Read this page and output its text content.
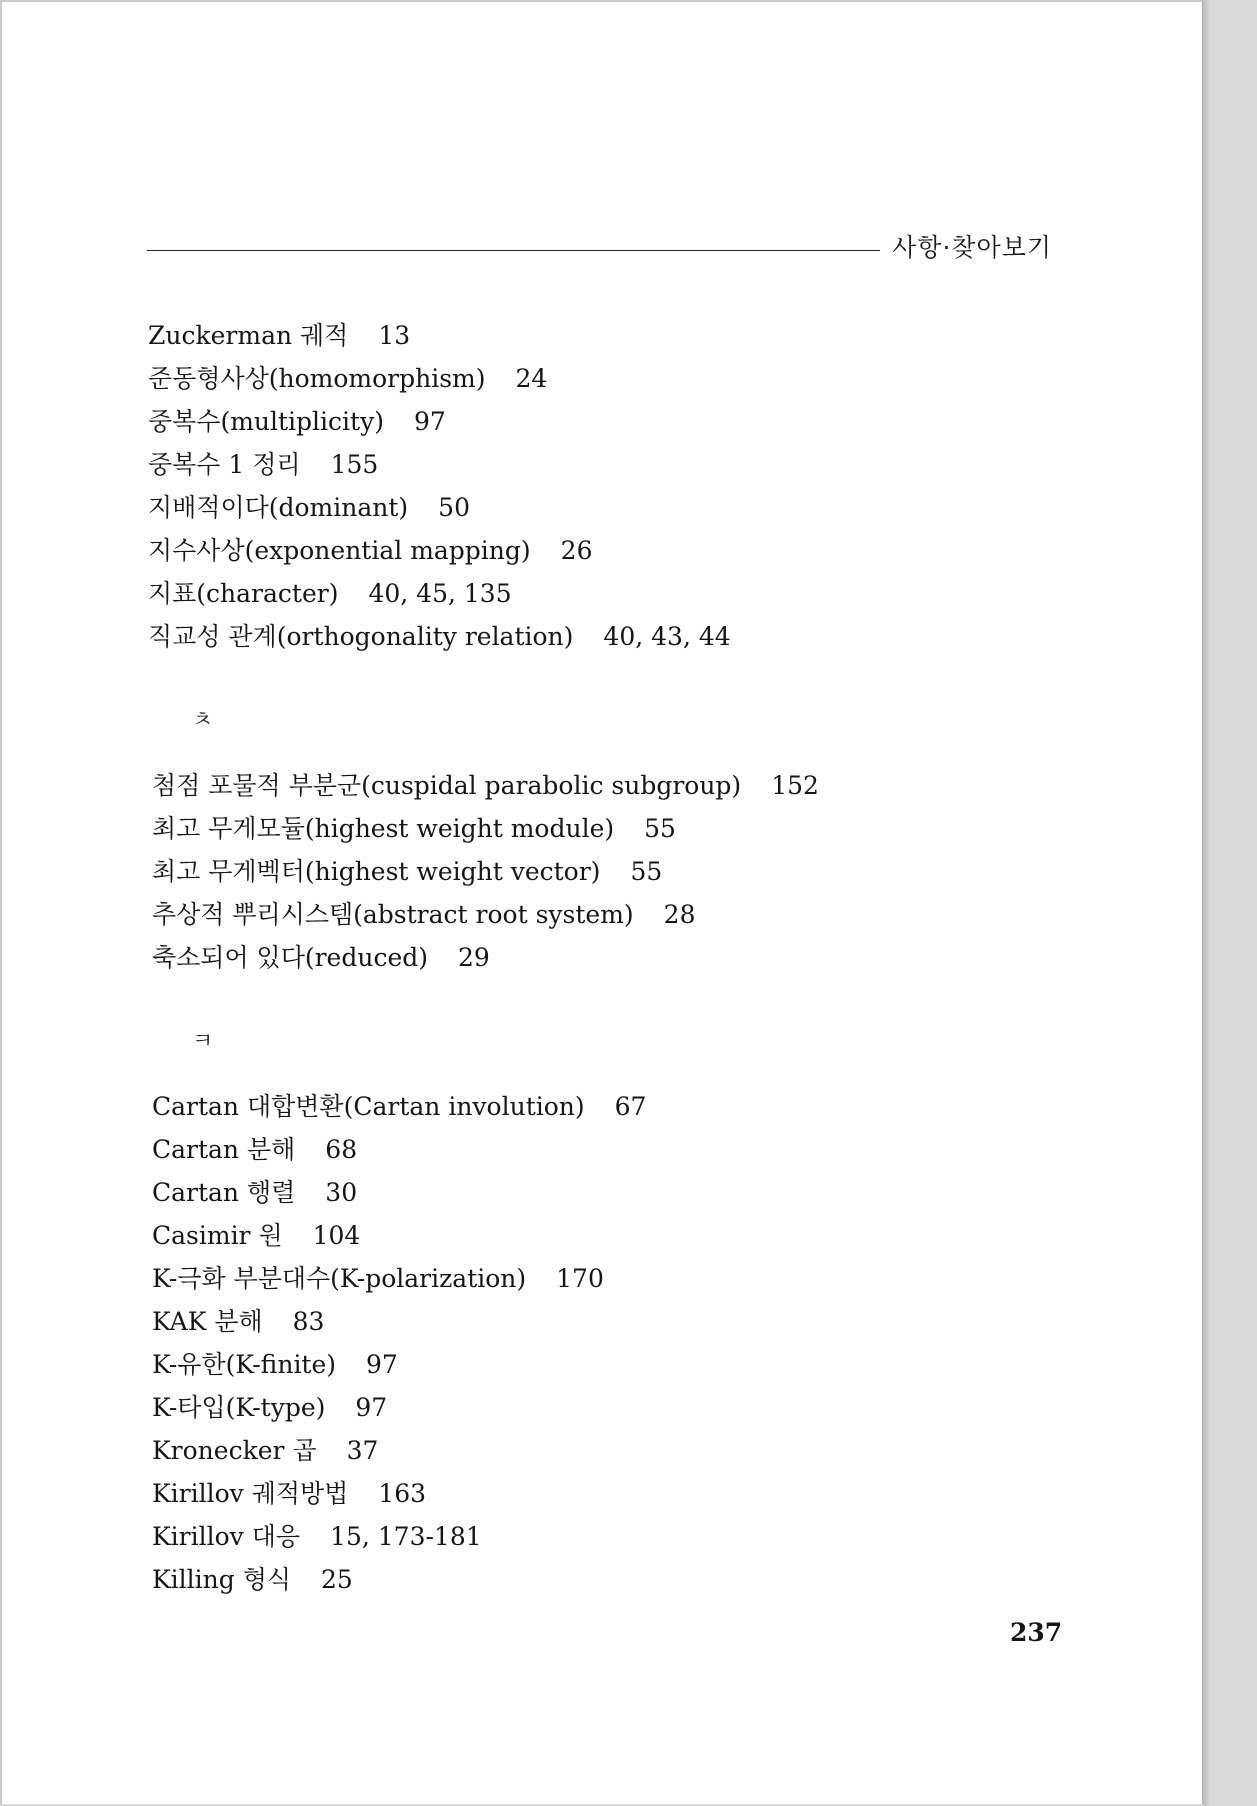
사항·찾아보기
Zuckerman 궤적 13
준동형사상(homomorphism) 24
중복수(multiplicity) 97
중복수 1 정리 155
지배적이다(dominant) 50
지수사상(exponential mapping) 26
지표(character) 40, 45, 135
직교성 관계(orthogonality relation) 40, 43, 44
ㅊ
첨점 포물적 부분군(cuspidal parabolic subgroup) 152
최고 무게모듈(highest weight module) 55
최고 무게벡터(highest weight vector) 55
추상적 뿌리시스템(abstract root system) 28
축소되어 있다(reduced) 29
ㅋ
Cartan 대합변환(Cartan involution) 67
Cartan 분해 68
Cartan 행렬 30
Casimir 원 104
K-극화 부분대수(K-polarization) 170
KAK 분해 83
K-유한(K-finite) 97
K-타입(K-type) 97
Kronecker 곱 37
Kirillov 궤적방법 163
Kirillov 대응 15, 173-181
Killing 형식 25
237
